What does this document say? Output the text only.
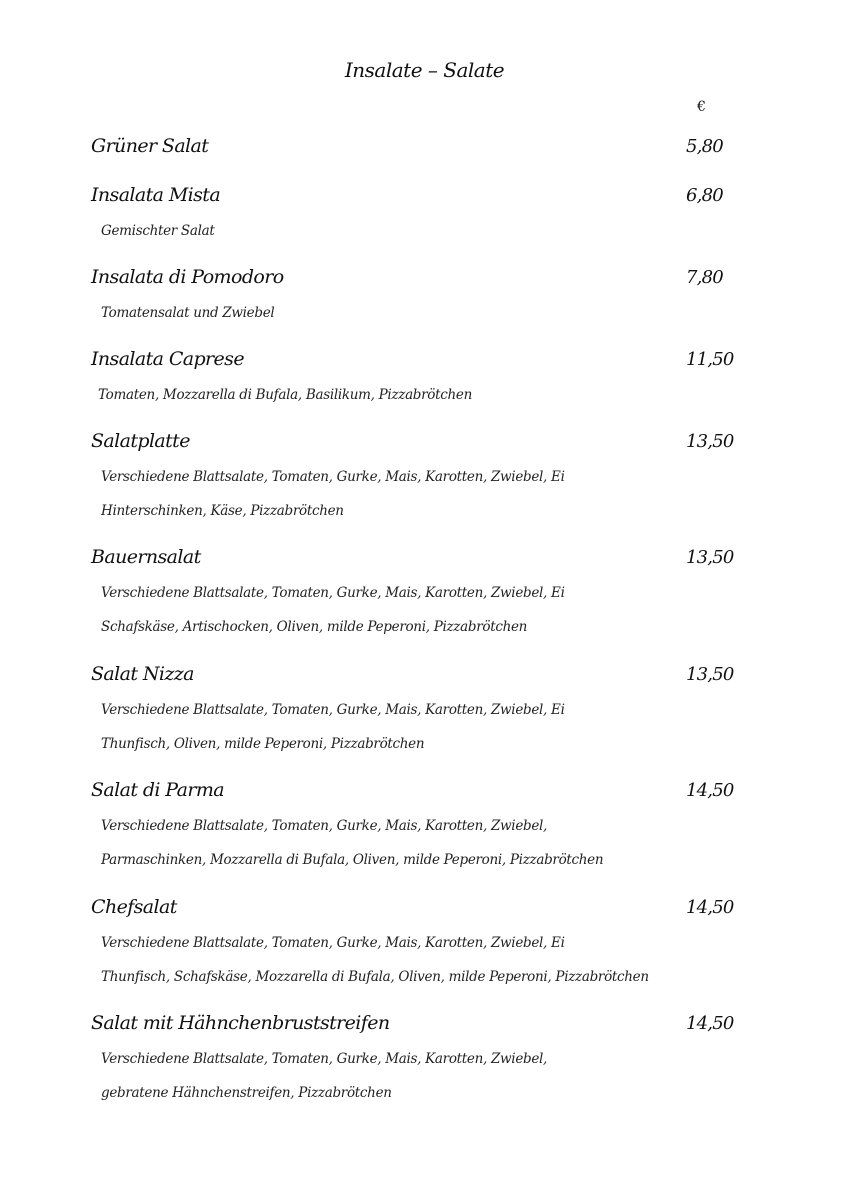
Insalate – Salate
€
Grüner Salat	5,80
Insalata Mista	6,80
Gemischter Salat
Insalata di Pomodoro	7,80
Tomatensalat und Zwiebel
Insalata Caprese	11,50
Tomaten, Mozzarella di Bufala, Basilikum, Pizzabrötchen
Salatplatte	13,50
Verschiedene Blattsalate, Tomaten, Gurke, Mais, Karotten, Zwiebel, Ei
Hinterschinken, Käse, Pizzabrötchen
Bauernsalat	13,50
Verschiedene Blattsalate, Tomaten, Gurke, Mais, Karotten, Zwiebel, Ei
Schafskäse, Artischocken, Oliven, milde Peperoni, Pizzabrötchen
Salat Nizza	13,50
Verschiedene Blattsalate, Tomaten, Gurke, Mais, Karotten, Zwiebel, Ei
Thunfisch, Oliven, milde Peperoni, Pizzabrötchen
Salat di Parma	14,50
Verschiedene Blattsalate, Tomaten, Gurke, Mais, Karotten, Zwiebel,
Parmaschinken, Mozzarella di Bufala, Oliven, milde Peperoni, Pizzabrötchen
Chefsalat	14,50
Verschiedene Blattsalate, Tomaten, Gurke, Mais, Karotten, Zwiebel, Ei
Thunfisch, Schafskäse, Mozzarella di Bufala, Oliven, milde Peperoni, Pizzabrötchen
Salat mit Hähnchenbruststreifen	14,50
Verschiedene Blattsalate, Tomaten, Gurke, Mais, Karotten, Zwiebel,
gebratene Hähnchenstreifen, Pizzabrötchen
